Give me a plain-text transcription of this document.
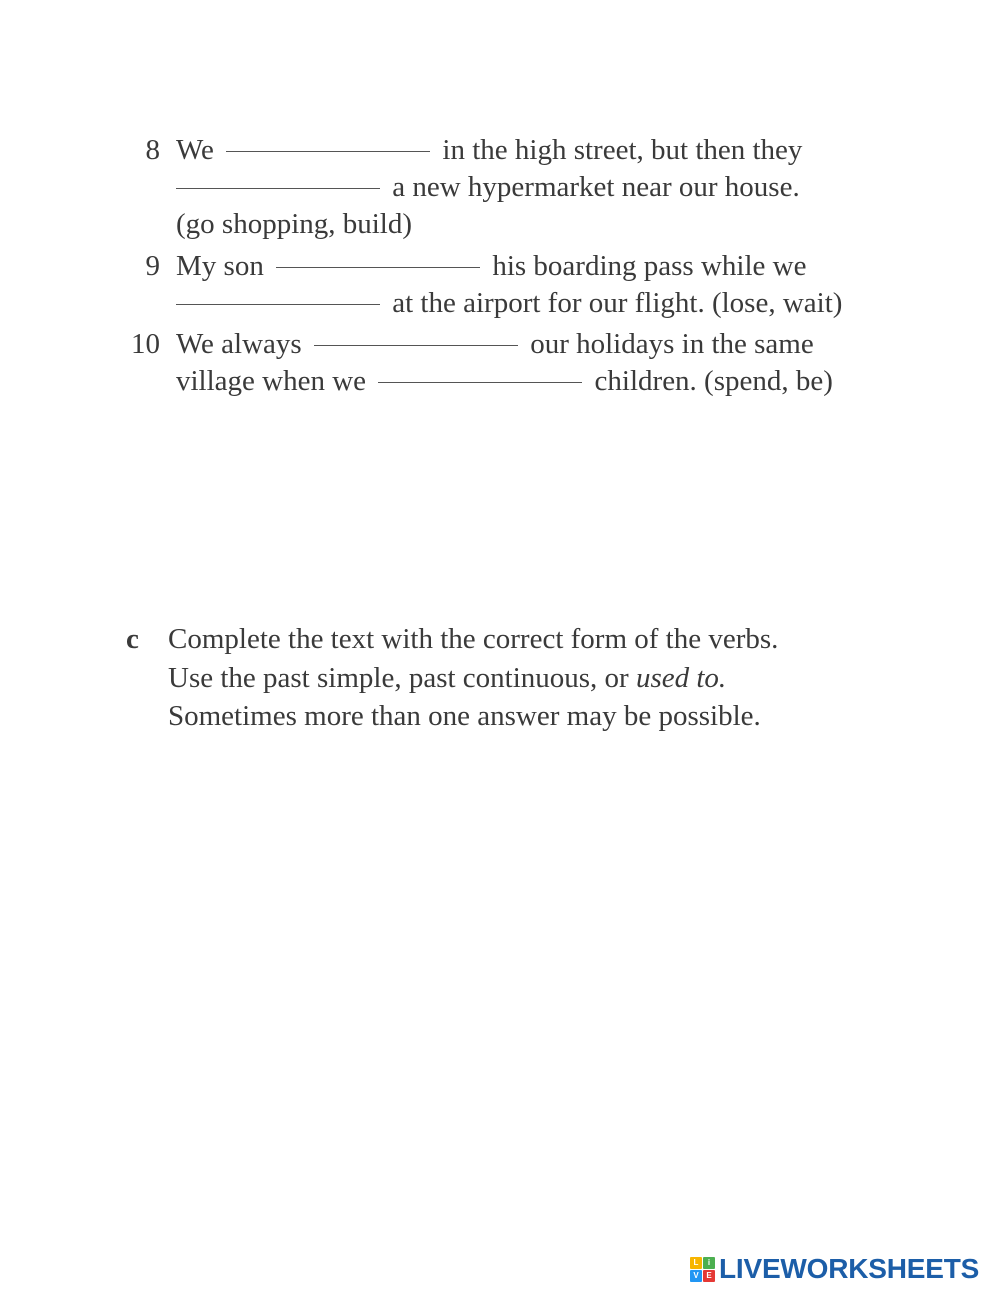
8 We	in the high street, but then they
a new hypermarket near our house.
(go shopping, build)
9 My son	his boarding pass while we
at the airport for our flight. (lose, wait)
10 We always	our holidays in the same
village when we	children. (spend, be)
c Complete the text with the correct form of the verbs.
Use the past simple, past continuous, or used to.
Sometimes more than one answer may be possible.
L	i
V E LIVEWORKSHEETS
